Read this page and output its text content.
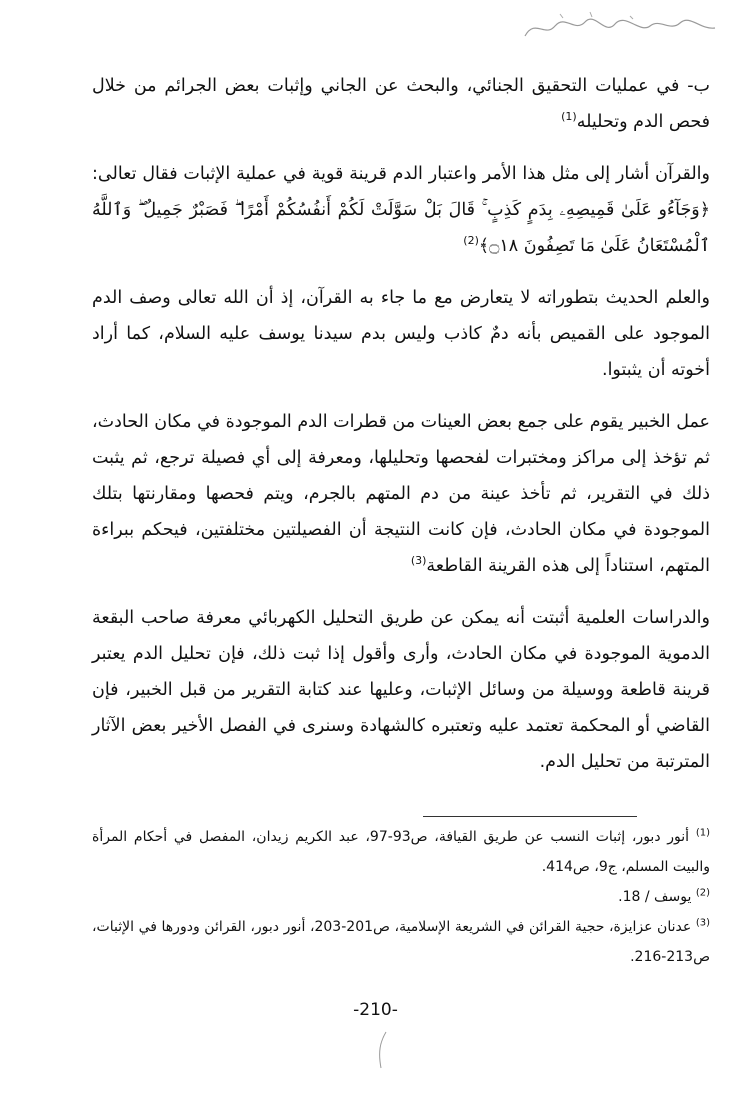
ب- في عمليات التحقيق الجنائي، والبحث عن الجاني وإثبات بعض الجرائم من خلال فحص الدم وتحليله$^{(1)}$

والقرآن أشار إلى مثل هذا الأمر واعتبار الدم قرينة قوية في عملية الإثبات فقال تعالى: ﴿وَجَآءُو عَلَىٰ قَمِيصِهِۦ بِدَمٍ كَذِبٍ ۚ قَالَ بَلْ سَوَّلَتْ لَكُمْ أَنفُسُكُمْ أَمْرًا ۖ فَصَبْرٌ جَمِيلٌ ۖ وَٱللَّهُ ٱلْمُسْتَعَانُ عَلَىٰ مَا تَصِفُونَ ۝١٨﴾$^{(2)}$

والعلم الحديث بتطوراته لا يتعارض مع ما جاء به القرآن، إذ أن الله تعالى وصف الدم الموجود على القميص بأنه دمٌ كاذب وليس بدم سيدنا يوسف عليه السلام، كما أراد أخوته أن يثبتوا.

عمل الخبير يقوم على جمع بعض العينات من قطرات الدم الموجودة في مكان الحادث، ثم تؤخذ إلى مراكز ومختبرات لفحصها وتحليلها، ومعرفة إلى أي فصيلة ترجع، ثم يثبت ذلك في التقرير، ثم تأخذ عينة من دم المتهم بالجرم، ويتم فحصها ومقارنتها بتلك الموجودة في مكان الحادث، فإن كانت النتيجة أن الفصيلتين مختلفتين، فيحكم ببراءة المتهم، استناداً إلى هذه القرينة القاطعة$^{(3)}$

والدراسات العلمية أثبتت أنه يمكن عن طريق التحليل الكهربائي معرفة صاحب البقعة الدموية الموجودة في مكان الحادث، وأرى وأقول إذا ثبت ذلك، فإن تحليل الدم يعتبر قرينة قاطعة ووسيلة من وسائل الإثبات، وعليها عند كتابة التقرير من قبل الخبير، فإن القاضي أو المحكمة تعتمد عليه وتعتبره كالشهادة وسنرى في الفصل الأخير بعض الآثار المترتبة من تحليل الدم.

$^{(1)}$ أنور دبور، إثبات النسب عن طريق القيافة، ص93-97، عبد الكريم زيدان، المفصل في أحكام المرأة والبيت المسلم، ج9، ص414.

$^{(2)}$ يوسف / 18.

$^{(3)}$ عدنان عزايزة، حجية القرائن في الشريعة الإسلامية، ص201-203، أنور دبور، القرائن ودورها في الإثبات، ص213-216.

-210-
